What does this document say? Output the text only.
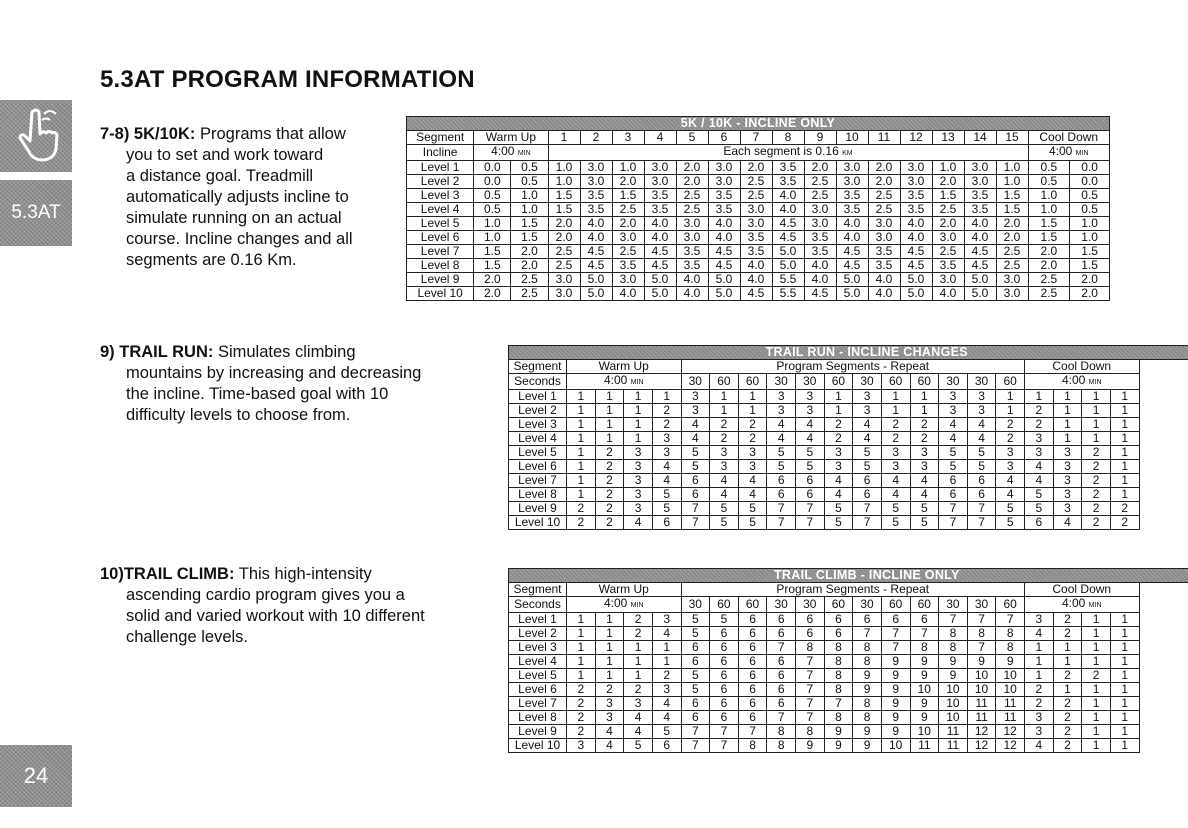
5.3AT PROGRAM INFORMATION
5.3AT
24

7-8) 5K/10K: Programs that allow
you to set and work toward
a distance goal. Treadmill
automatically adjusts incline to
simulate running on an actual
course. Incline changes and all
segments are 0.16 Km.

9) TRAIL RUN: Simulates climbing
mountains by increasing and decreasing
the incline. Time-based goal with 10
difficulty levels to choose from.

10)TRAIL CLIMB: This high-intensity
ascending cardio program gives you a
solid and varied workout with 10 different
challenge levels.

5K / 10K - INCLINE ONLY																			
Segment	Warm Up		1	2	3	4	5	6	7	8	9	10	11	12	13	14	15	Cool Down	
Incline	4:00 MIN		Each segment is 0.16 KM															4:00 MIN	
Level 1	0.0	0.5	1.0	3.0	1.0	3.0	2.0	3.0	2.0	3.5	2.0	3.0	2.0	3.0	1.0	3.0	1.0	0.5	0.0
Level 2	0.0	0.5	1.0	3.0	2.0	3.0	2.0	3.0	2.5	3.5	2.5	3.0	2.0	3.0	2.0	3.0	1.0	0.5	0.0
Level 3	0.5	1.0	1.5	3.5	1.5	3.5	2.5	3.5	2.5	4.0	2.5	3.5	2.5	3.5	1.5	3.5	1.5	1.0	0.5
Level 4	0.5	1.0	1.5	3.5	2.5	3.5	2.5	3.5	3.0	4.0	3.0	3.5	2.5	3.5	2.5	3.5	1.5	1.0	0.5
Level 5	1.0	1.5	2.0	4.0	2.0	4.0	3.0	4.0	3.0	4.5	3.0	4.0	3.0	4.0	2.0	4.0	2.0	1.5	1.0
Level 6	1.0	1.5	2.0	4.0	3.0	4.0	3.0	4.0	3.5	4.5	3.5	4.0	3.0	4.0	3.0	4.0	2.0	1.5	1.0
Level 7	1.5	2.0	2.5	4.5	2.5	4.5	3.5	4.5	3.5	5.0	3.5	4.5	3.5	4.5	2.5	4.5	2.5	2.0	1.5
Level 8	1.5	2.0	2.5	4.5	3.5	4.5	3.5	4.5	4.0	5.0	4.0	4.5	3.5	4.5	3.5	4.5	2.5	2.0	1.5
Level 9	2.0	2.5	3.0	5.0	3.0	5.0	4.0	5.0	4.0	5.5	4.0	5.0	4.0	5.0	3.0	5.0	3.0	2.5	2.0
Level 10	2.0	2.5	3.0	5.0	4.0	5.0	4.0	5.0	4.5	5.5	4.5	5.0	4.0	5.0	4.0	5.0	3.0	2.5	2.0
TRAIL RUN - INCLINE CHANGES																				
Segment	Warm Up				Program Segments - Repeat												Cool Down			
Seconds	4:00 MIN				30	60	60	30	30	60	30	60	60	30	30	60	4:00 MIN			
Level 1	1	1	1	1	3	1	1	3	3	1	3	1	1	3	3	1	1	1	1	1
Level 2	1	1	1	2	3	1	1	3	3	1	3	1	1	3	3	1	2	1	1	1
Level 3	1	1	1	2	4	2	2	4	4	2	4	2	2	4	4	2	2	1	1	1
Level 4	1	1	1	3	4	2	2	4	4	2	4	2	2	4	4	2	3	1	1	1
Level 5	1	2	3	3	5	3	3	5	5	3	5	3	3	5	5	3	3	3	2	1
Level 6	1	2	3	4	5	3	3	5	5	3	5	3	3	5	5	3	4	3	2	1
Level 7	1	2	3	4	6	4	4	6	6	4	6	4	4	6	6	4	4	3	2	1
Level 8	1	2	3	5	6	4	4	6	6	4	6	4	4	6	6	4	5	3	2	1
Level 9	2	2	3	5	7	5	5	7	7	5	7	5	5	7	7	5	5	3	2	2
Level 10	2	2	4	6	7	5	5	7	7	5	7	5	5	7	7	5	6	4	2	2
TRAIL CLIMB - INCLINE ONLY																				
Segment	Warm Up				Program Segments - Repeat												Cool Down			
Seconds	4:00 MIN				30	60	60	30	30	60	30	60	60	30	30	60	4:00 MIN			
Level 1	1	1	2	3	5	5	6	6	6	6	6	6	6	7	7	7	3	2	1	1
Level 2	1	1	2	4	5	6	6	6	6	6	7	7	7	8	8	8	4	2	1	1
Level 3	1	1	1	1	6	6	6	7	8	8	8	7	8	8	7	8	1	1	1	1
Level 4	1	1	1	1	6	6	6	6	7	8	8	9	9	9	9	9	1	1	1	1
Level 5	1	1	1	2	5	6	6	6	7	8	9	9	9	9	10	10	1	2	2	1
Level 6	2	2	2	3	5	6	6	6	7	8	9	9	10	10	10	10	2	1	1	1
Level 7	2	3	3	4	6	6	6	6	7	7	8	9	9	10	11	11	2	2	1	1
Level 8	2	3	4	4	6	6	6	7	7	8	8	9	9	10	11	11	3	2	1	1
Level 9	2	4	4	5	7	7	7	8	8	9	9	9	10	11	12	12	3	2	1	1
Level 10	3	4	5	6	7	7	8	8	9	9	9	10	11	11	12	12	4	2	1	1
